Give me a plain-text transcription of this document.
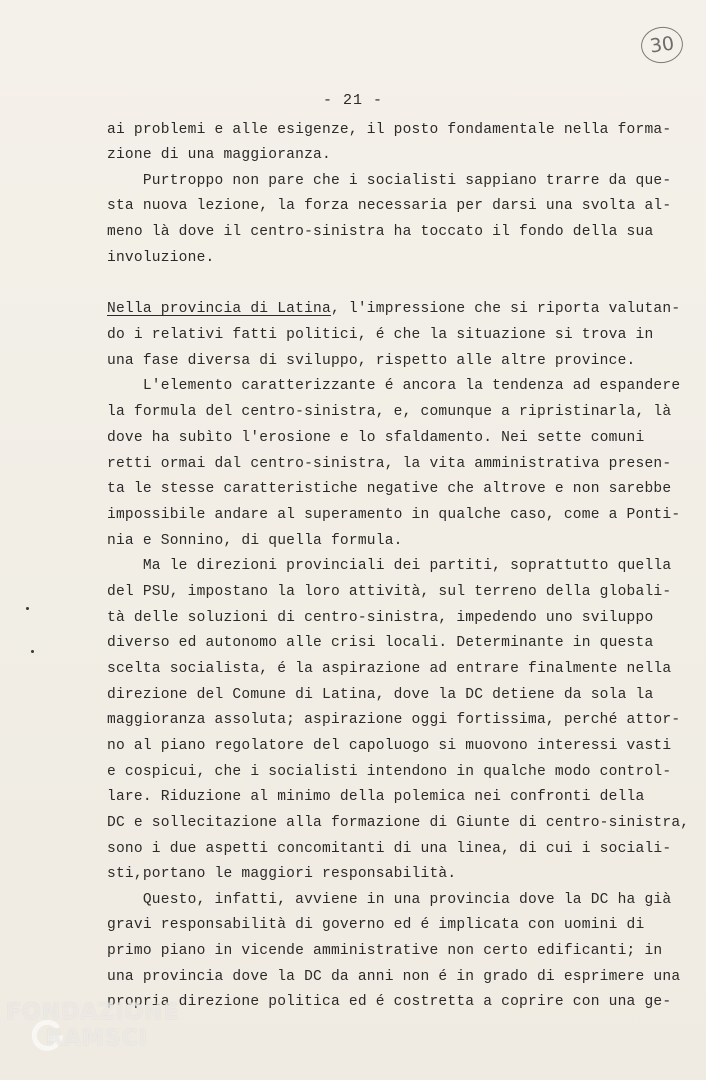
30
- 21 -
ai problemi e alle esigenze, il posto fondamentale nella forma-
zione di una maggioranza.
Purtroppo non pare che i socialisti sappiano trarre da que-
sta nuova lezione, la forza necessaria per darsi una svolta al-
meno là dove il centro-sinistra ha toccato il fondo della sua
involuzione.
Nella provincia di Latina, l'impressione che si riporta valutan-
do i relativi fatti politici, é che la situazione si trova in
una fase diversa di sviluppo, rispetto alle altre province.
L'elemento caratterizzante é ancora la tendenza ad espandere
la formula del centro-sinistra, e, comunque a ripristinarla, là
dove ha subìto l'erosione e lo sfaldamento. Nei sette comuni
retti ormai dal centro-sinistra, la vita amministrativa presen-
ta le stesse caratteristiche negative che altrove e non sarebbe
impossibile andare al superamento in qualche caso, come a Ponti-
nia e Sonnino, di quella formula.
Ma le direzioni provinciali dei partiti, soprattutto quella
del PSU, impostano la loro attività, sul terreno della globali-
tà delle soluzioni di centro-sinistra, impedendo uno sviluppo
diverso ed autonomo alle crisi locali. Determinante in questa
scelta socialista, é la aspirazione ad entrare finalmente nella
direzione del Comune di Latina, dove la DC detiene da sola la
maggioranza assoluta; aspirazione oggi fortissima, perché attor-
no al piano regolatore del capoluogo si muovono interessi vasti
e cospicui, che i socialisti intendono in qualche modo control-
lare. Riduzione al minimo della polemica nei confronti della
DC e sollecitazione alla formazione di Giunte di centro-sinistra,
sono i due aspetti concomitanti di una linea, di cui i sociali-
sti,portano le maggiori responsabilità.
Questo, infatti, avviene in una provincia dove la DC ha già
gravi responsabilità di governo ed é implicata con uomini di
primo piano in vicende amministrative non certo edificanti; in
una provincia dove la DC da anni non é in grado di esprimere una
propria direzione politica ed é costretta a coprire con una ge-
FONDAZIONE
RAMSCI
